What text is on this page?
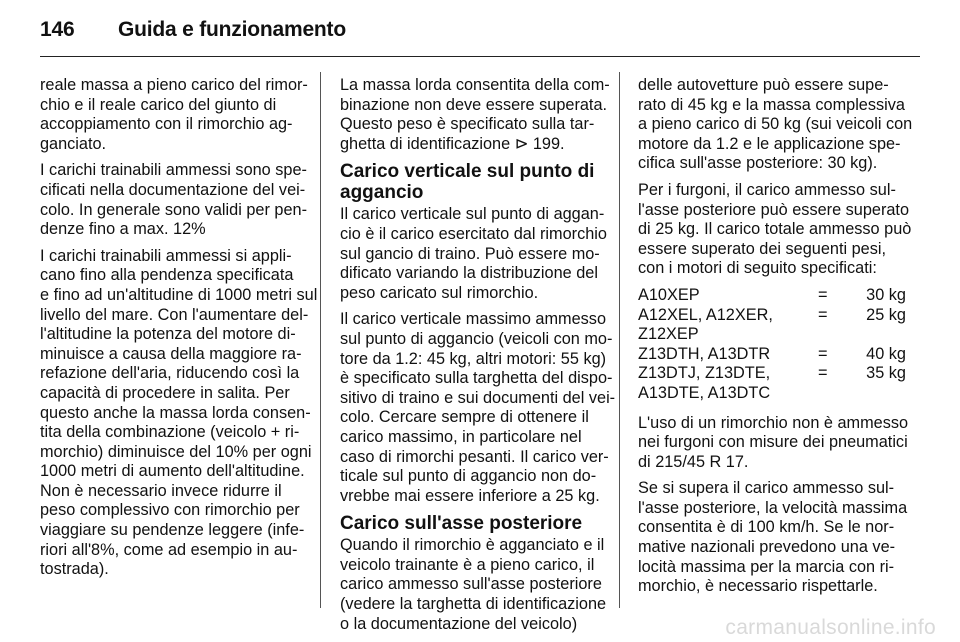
146 Guida e funzionamento
reale massa a pieno carico del rimor-
chio e il reale carico del giunto di
accoppiamento con il rimorchio ag-
ganciato.
I carichi trainabili ammessi sono spe-
cificati nella documentazione del vei-
colo. In generale sono validi per pen-
denze fino a max. 12%
I carichi trainabili ammessi si appli-
cano fino alla pendenza specificata
e fino ad un'altitudine di 1000 metri sul
livello del mare. Con l'aumentare del-
l'altitudine la potenza del motore di-
minuisce a causa della maggiore ra-
refazione dell'aria, riducendo così la
capacità di procedere in salita. Per
questo anche la massa lorda consen-
tita della combinazione (veicolo + ri-
morchio) diminuisce del 10% per ogni
1000 metri di aumento dell'altitudine.
Non è necessario invece ridurre il
peso complessivo con rimorchio per
viaggiare su pendenze leggere (infe-
riori all'8%, come ad esempio in au-
tostrada).
La massa lorda consentita della com-
binazione non deve essere superata.
Questo peso è specificato sulla tar-
ghetta di identificazione ⊳ 199.
Carico verticale sul punto di
aggancio
Il carico verticale sul punto di aggan-
cio è il carico esercitato dal rimorchio
sul gancio di traino. Può essere mo-
dificato variando la distribuzione del
peso caricato sul rimorchio.
Il carico verticale massimo ammesso
sul punto di aggancio (veicoli con mo-
tore da 1.2: 45 kg, altri motori: 55 kg)
è specificato sulla targhetta del dispo-
sitivo di traino e sui documenti del vei-
colo. Cercare sempre di ottenere il
carico massimo, in particolare nel
caso di rimorchi pesanti. Il carico ver-
ticale sul punto di aggancio non do-
vrebbe mai essere inferiore a 25 kg.
Carico sull'asse posteriore
Quando il rimorchio è agganciato e il
veicolo trainante è a pieno carico, il
carico ammesso sull'asse posteriore
(vedere la targhetta di identificazione
o la documentazione del veicolo)
delle autovetture può essere supe-
rato di 45 kg e la massa complessiva
a pieno carico di 50 kg (sui veicoli con
motore da 1.2 e le applicazione spe-
cifica sull'asse posteriore: 30 kg).
Per i furgoni, il carico ammesso sul-
l'asse posteriore può essere superato
di 25 kg. Il carico totale ammesso può
essere superato dei seguenti pesi,
con i motori di seguito specificati:
A10XEP	=	30 kg

A12XEL, A12XER,
Z12XEP	=	25 kg

Z13DTH, A13DTR	=	40 kg

Z13DTJ, Z13DTE,
A13DTE, A13DTC	=	35 kg
L'uso di un rimorchio non è ammesso
nei furgoni con misure dei pneumatici
di 215/45 R 17.
Se si supera il carico ammesso sul-
l'asse posteriore, la velocità massima
consentita è di 100 km/h. Se le nor-
mative nazionali prevedono una ve-
locità massima per la marcia con ri-
morchio, è necessario rispettarle.
carmanualsonline.info
